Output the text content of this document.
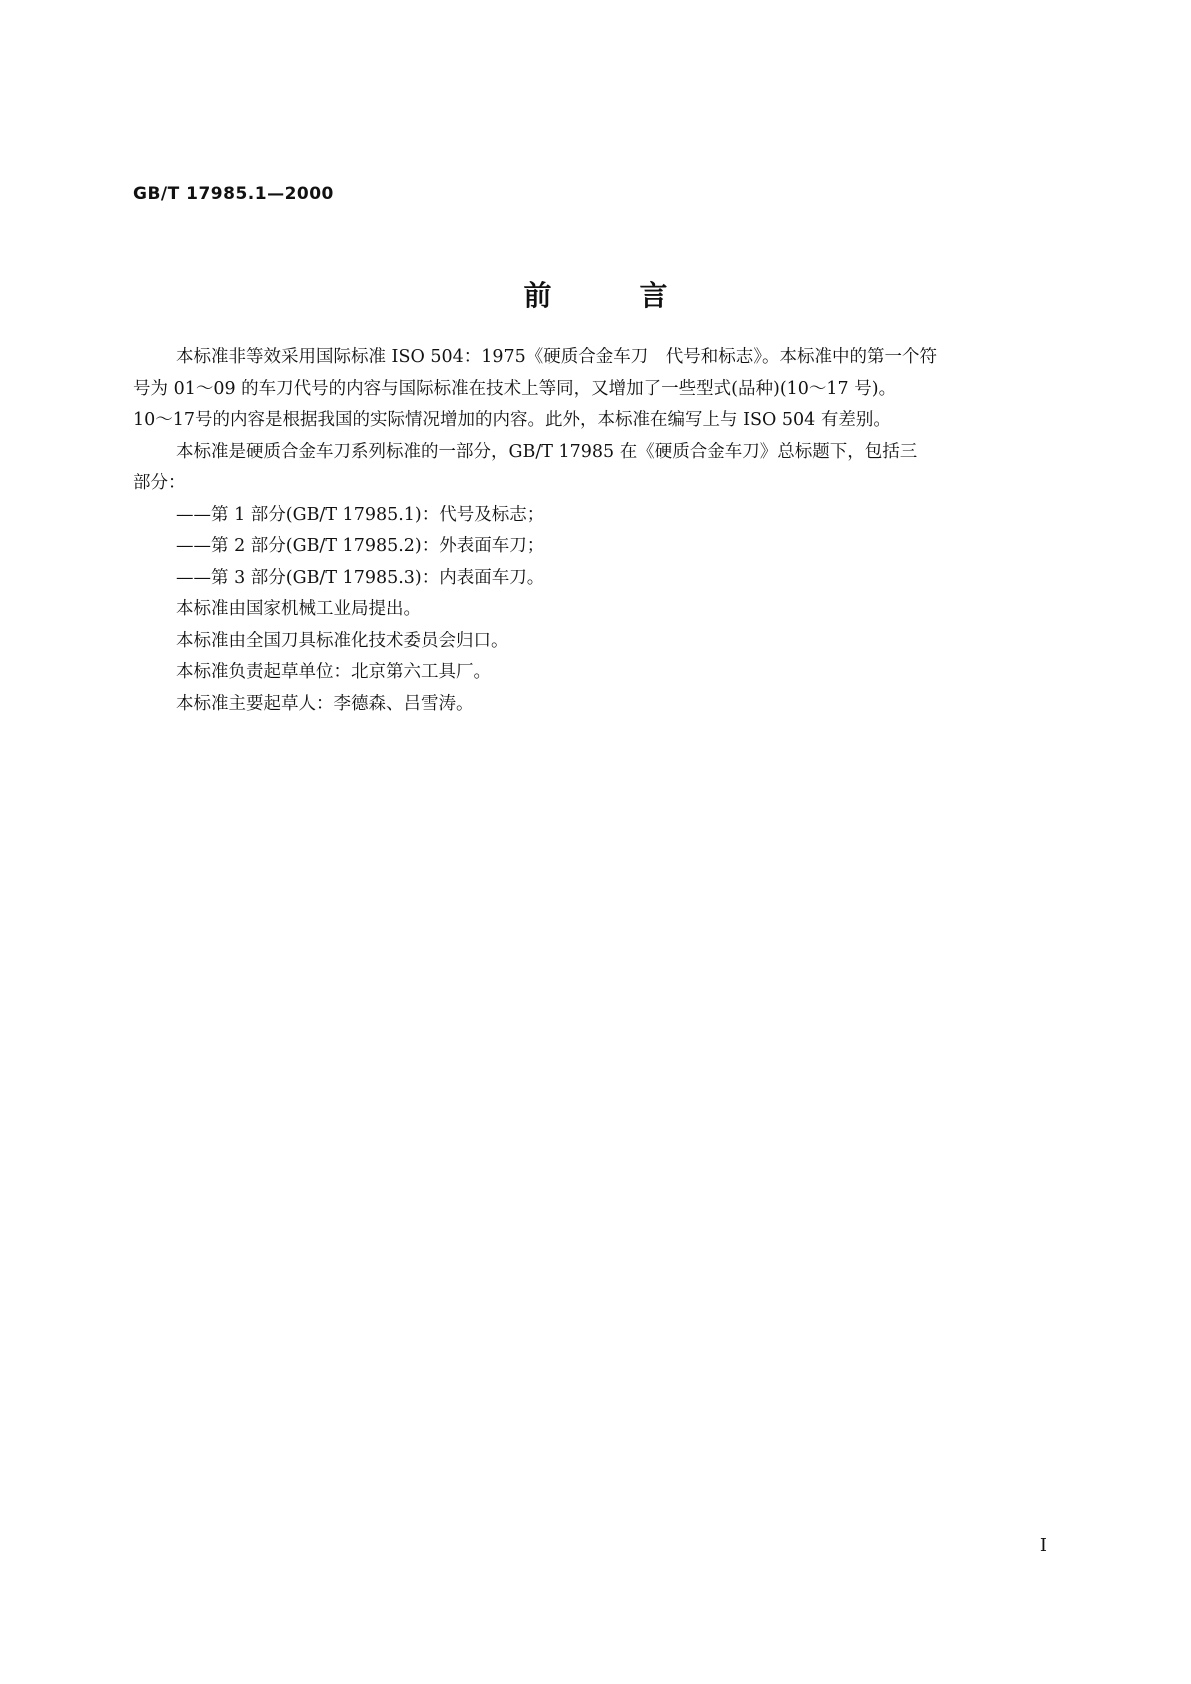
GB/T 17985.1—2000
前言

本标准非等效采用国际标准 ISO 504：1975《硬质合金车刀　代号和标志》。本标准中的第一个符

号为 01～09 的车刀代号的内容与国际标准在技术上等同，又增加了一些型式(品种)(10～17 号)。

10～17号的内容是根据我国的实际情况增加的内容。此外，本标准在编写上与 ISO 504 有差别。

本标准是硬质合金车刀系列标准的一部分，GB/T 17985 在《硬质合金车刀》总标题下，包括三

部分：

——第 1 部分(GB/T 17985.1)：代号及标志；

——第 2 部分(GB/T 17985.2)：外表面车刀；

——第 3 部分(GB/T 17985.3)：内表面车刀。

本标准由国家机械工业局提出。

本标准由全国刀具标准化技术委员会归口。

本标准负责起草单位：北京第六工具厂。

本标准主要起草人：李德森、吕雪涛。

I
